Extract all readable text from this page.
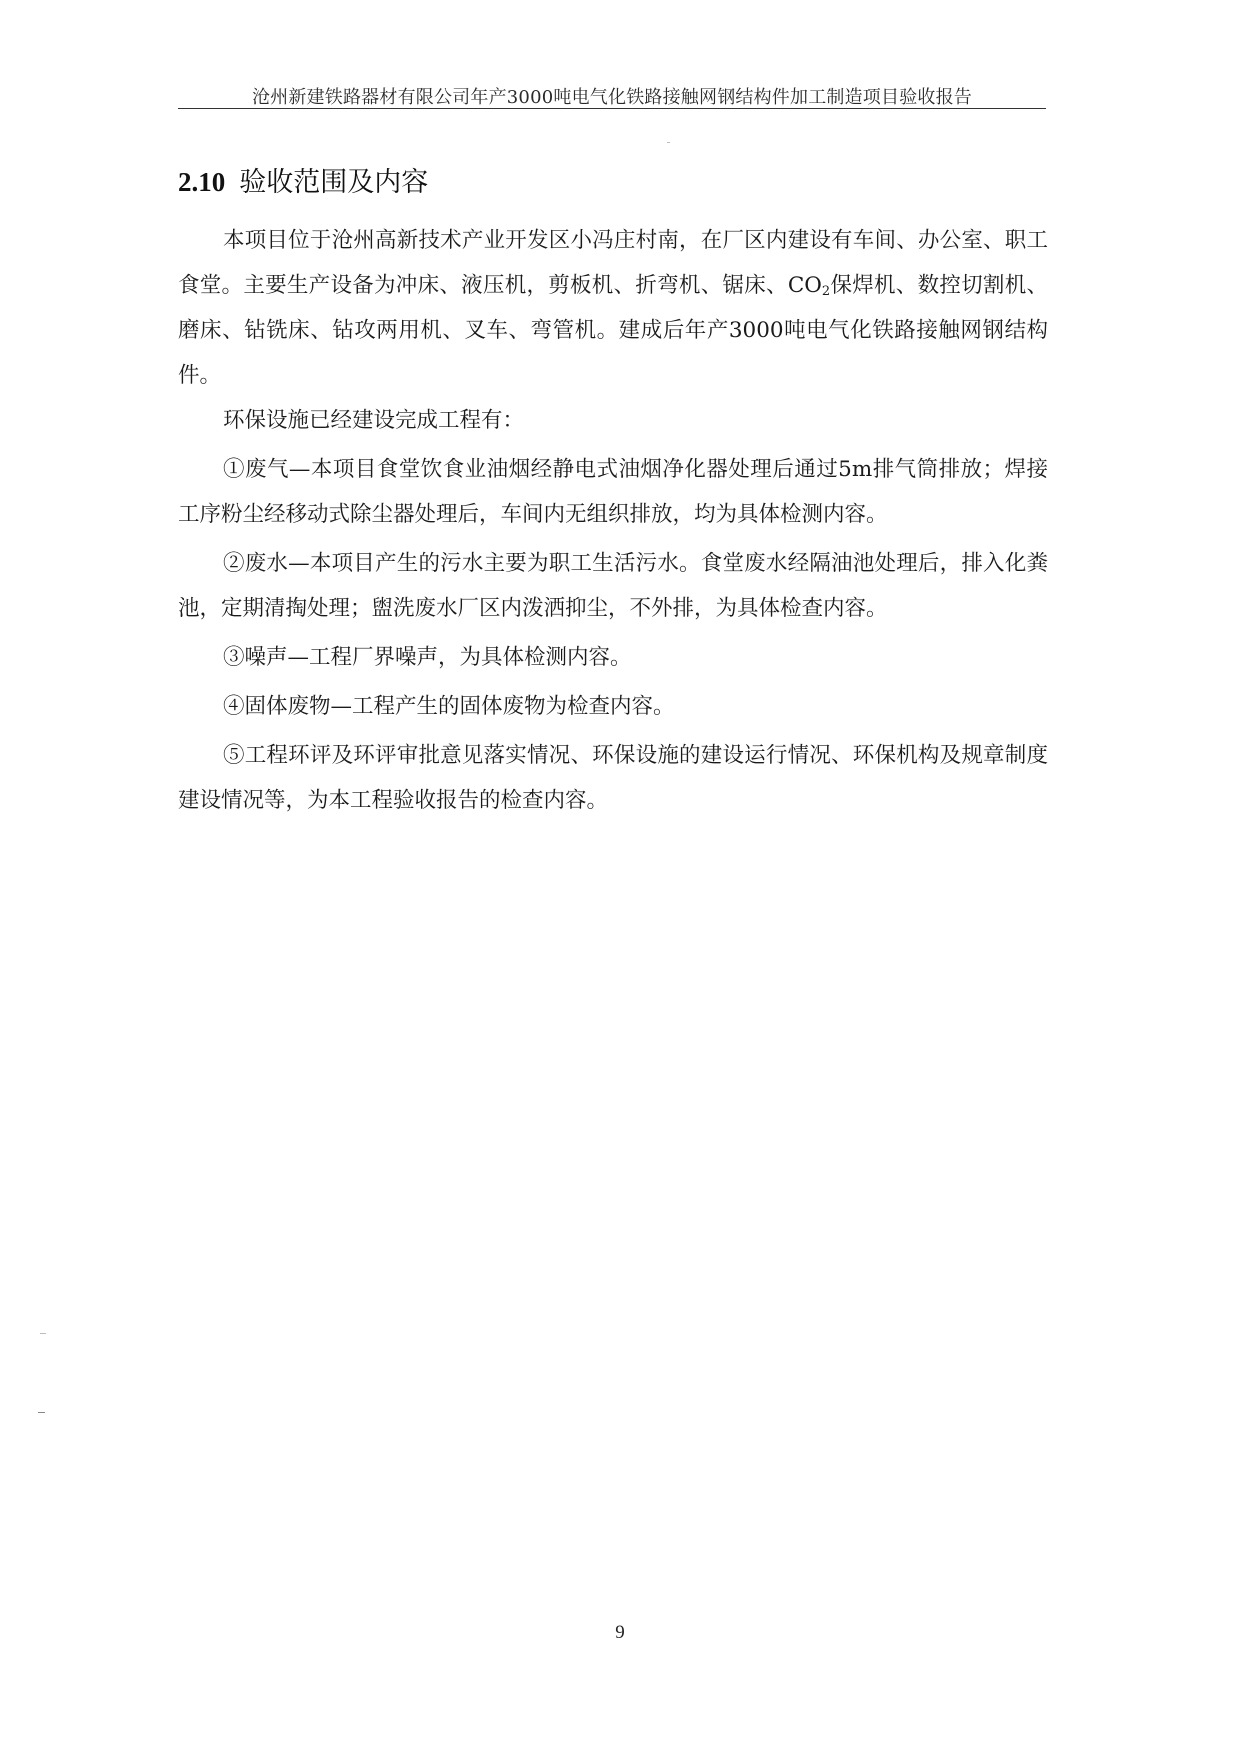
沧州新建铁路器材有限公司年产3000吨电气化铁路接触网钢结构件加工制造项目验收报告
2.10 验收范围及内容

本项目位于沧州高新技术产业开发区小冯庄村南，在厂区内建设有车间、办公室、职工食堂。主要生产设备为冲床、液压机，剪板机、折弯机、锯床、$CO_2$保焊机、数控切割机、磨床、钻铣床、钻攻两用机、叉车、弯管机。建成后年产3000吨电气化铁路接触网钢结构件。

环保设施已经建设完成工程有：

①废气—本项目食堂饮食业油烟经静电式油烟净化器处理后通过5m排气筒排放；焊接工序粉尘经移动式除尘器处理后，车间内无组织排放，均为具体检测内容。

②废水—本项目产生的污水主要为职工生活污水。食堂废水经隔油池处理后，排入化粪池，定期清掏处理；盥洗废水厂区内泼洒抑尘，不外排，为具体检查内容。

③噪声—工程厂界噪声，为具体检测内容。

④固体废物—工程产生的固体废物为检查内容。

⑤工程环评及环评审批意见落实情况、环保设施的建设运行情况、环保机构及规章制度建设情况等，为本工程验收报告的检查内容。

9
